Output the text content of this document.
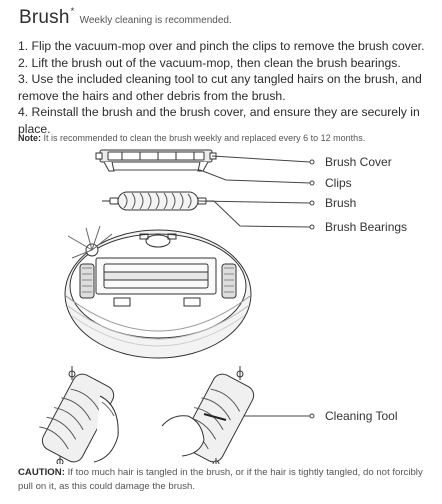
Brush* Weekly cleaning is recommended.
1. Flip the vacuum-mop over and pinch the clips to remove the brush cover.
2. Lift the brush out of the vacuum-mop, then clean the brush bearings.
3. Use the included cleaning tool to cut any tangled hairs on the brush, and remove the hairs and other debris from the brush.
4. Reinstall the brush and the brush cover, and ensure they are securely in place.
Note: It is recommended to clean the brush weekly and replaced every 6 to 12 months.
Brush Cover
Clips
Brush
Brush Bearings
Cleaning Tool
CAUTION: If too much hair is tangled in the brush, or if the hair is tightly tangled, do not forcibly pull on it, as this could damage the brush.
